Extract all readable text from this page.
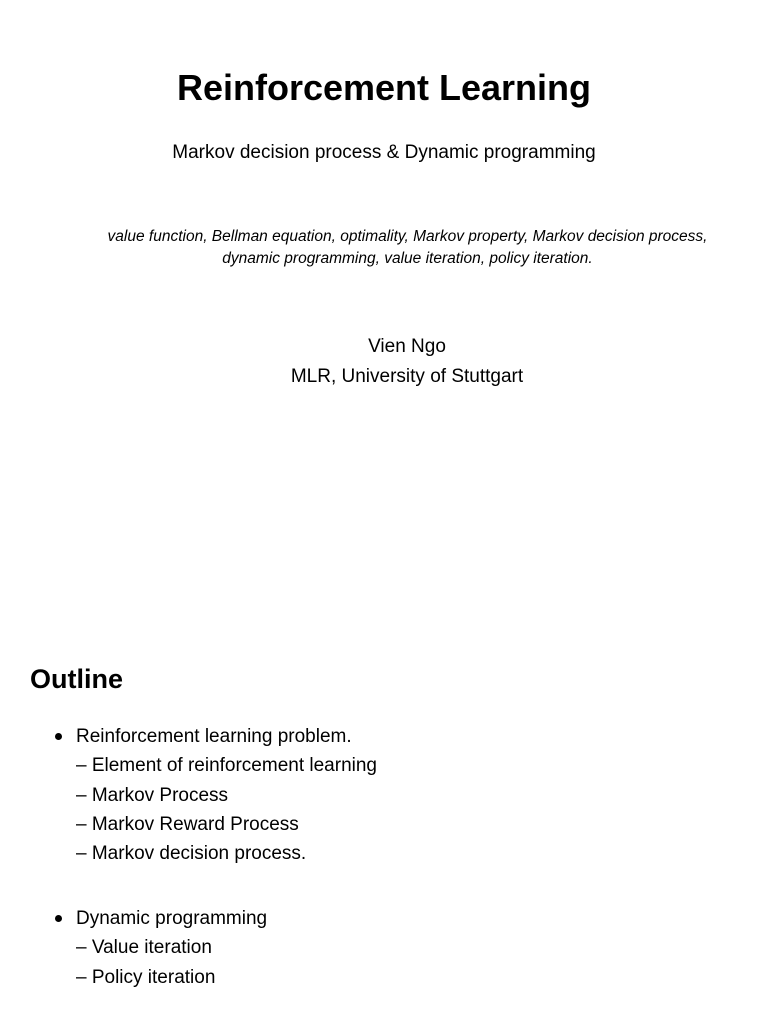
Reinforcement Learning

Markov decision process & Dynamic programming

value function, Bellman equation, optimality, Markov property, Markov decision process,
dynamic programming, value iteration, policy iteration.

Vien Ngo

MLR, University of Stuttgart

Outline
Reinforcement learning problem.
– Element of reinforcement learning
– Markov Process
– Markov Reward Process
– Markov decision process.
Dynamic programming
– Value iteration
– Policy iteration
